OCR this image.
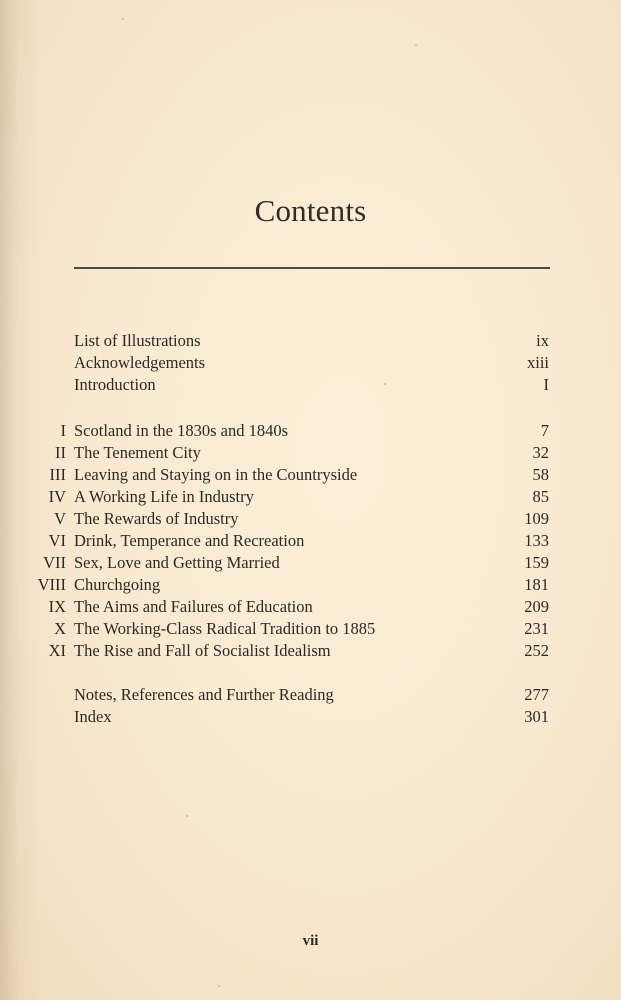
Contents
List of Illustrations	ix
Acknowledgements	xiii
Introduction	I
I Scotland in the 1830s and 1840s	7
II The Tenement City	32
III Leaving and Staying on in the Countryside	58
IV A Working Life in Industry	85
V The Rewards of Industry	109
VI Drink, Temperance and Recreation	133
VII Sex, Love and Getting Married	159
VIII Churchgoing	181
IX The Aims and Failures of Education	209
X The Working-Class Radical Tradition to 1885	231
XI The Rise and Fall of Socialist Idealism	252
Notes, References and Further Reading	277
Index	301
vii
